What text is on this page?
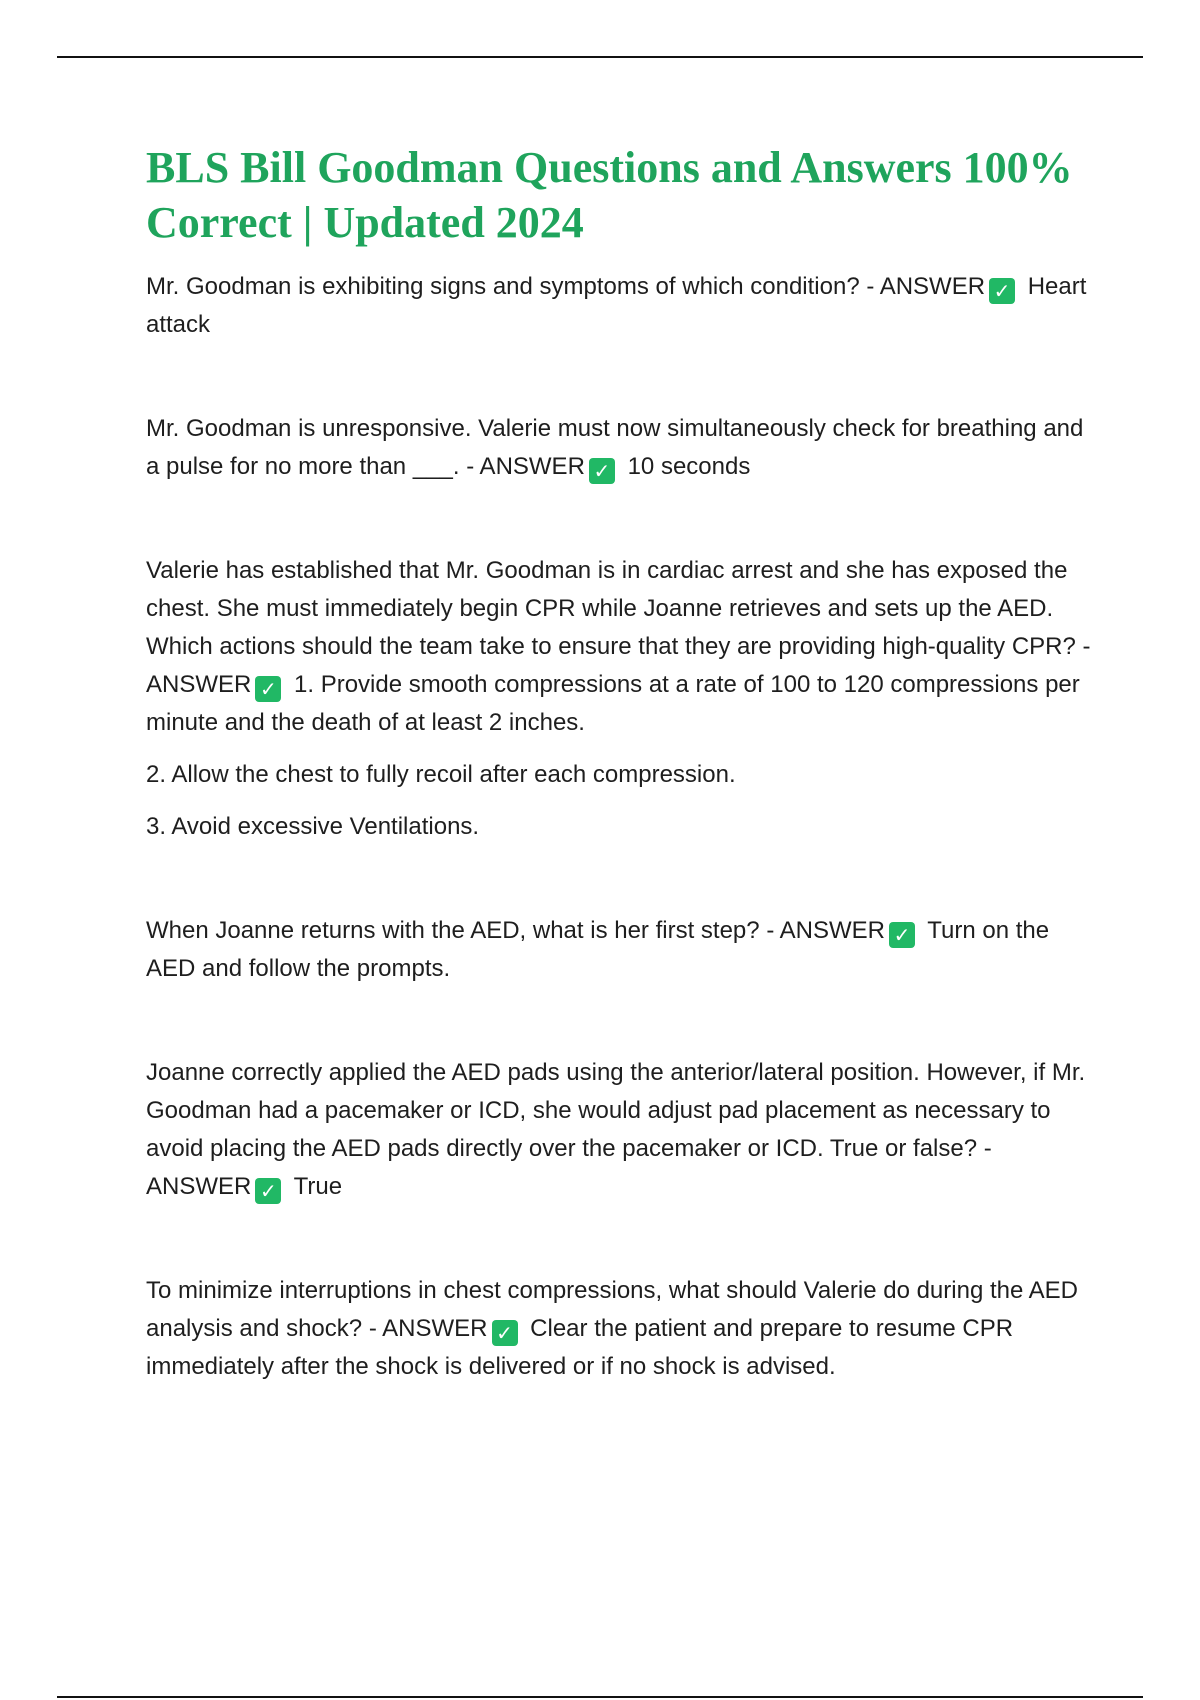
BLS Bill Goodman Questions and Answers 100% Correct | Updated 2024

Mr. Goodman is exhibiting signs and symptoms of which condition? - ANSWER ✓ Heart attack

Mr. Goodman is unresponsive. Valerie must now simultaneously check for breathing and a pulse for no more than ___. - ANSWER ✓ 10 seconds

Valerie has established that Mr. Goodman is in cardiac arrest and she has exposed the chest. She must immediately begin CPR while Joanne retrieves and sets up the AED. Which actions should the team take to ensure that they are providing high-quality CPR? - ANSWER ✓ 1. Provide smooth compressions at a rate of 100 to 120 compressions per minute and the death of at least 2 inches.

2. Allow the chest to fully recoil after each compression.

3. Avoid excessive Ventilations.

When Joanne returns with the AED, what is her first step? - ANSWER ✓ Turn on the AED and follow the prompts.

Joanne correctly applied the AED pads using the anterior/lateral position. However, if Mr. Goodman had a pacemaker or ICD, she would adjust pad placement as necessary to avoid placing the AED pads directly over the pacemaker or ICD. True or false? - ANSWER ✓ True

To minimize interruptions in chest compressions, what should Valerie do during the AED analysis and shock? - ANSWER ✓ Clear the patient and prepare to resume CPR immediately after the shock is delivered or if no shock is advised.
